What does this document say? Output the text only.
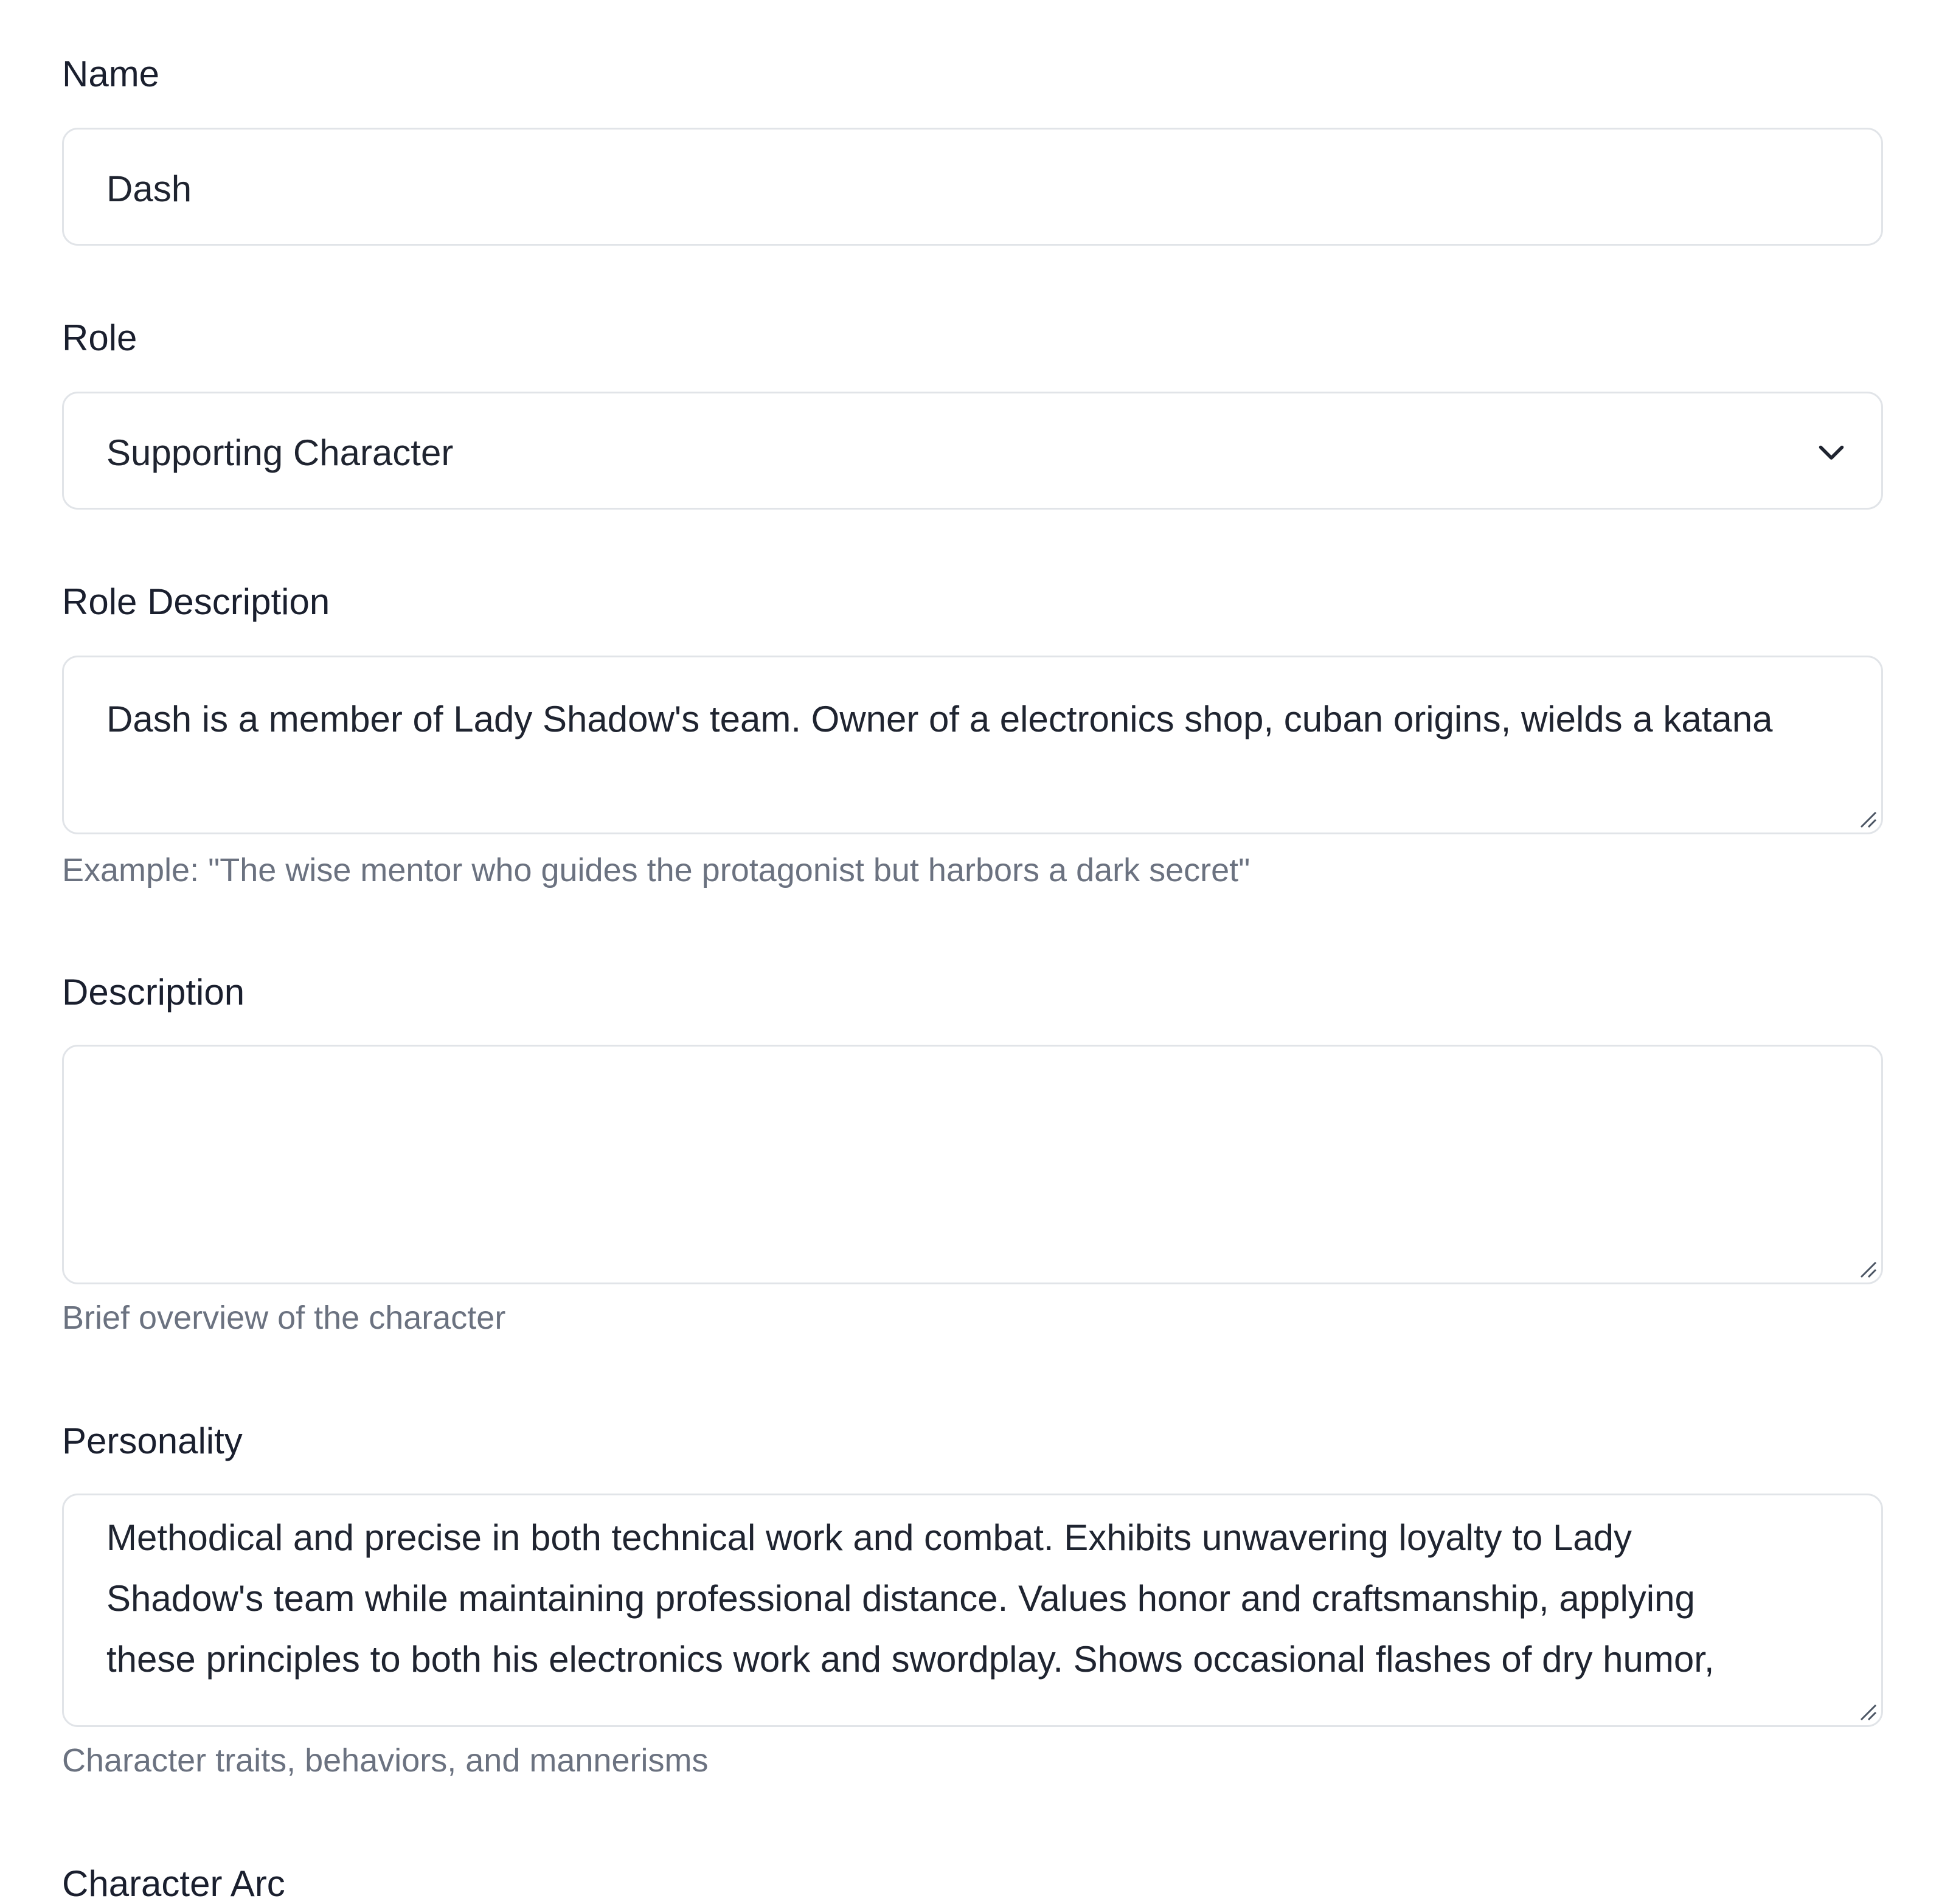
Name
Dash
Role
Supporting Character
Role Description
Dash is a member of Lady Shadow's team. Owner of a electronics shop, cuban origins, wields a katana
Example: "The wise mentor who guides the protagonist but harbors a dark secret"
Description

Brief overview of the character
Personality
Methodical and precise in both technical work and combat. Exhibits unwavering loyalty to Lady
Shadow's team while maintaining professional distance. Values honor and craftsmanship, applying
these principles to both his electronics work and swordplay. Shows occasional flashes of dry humor,
Character traits, behaviors, and mannerisms
Character Arc
